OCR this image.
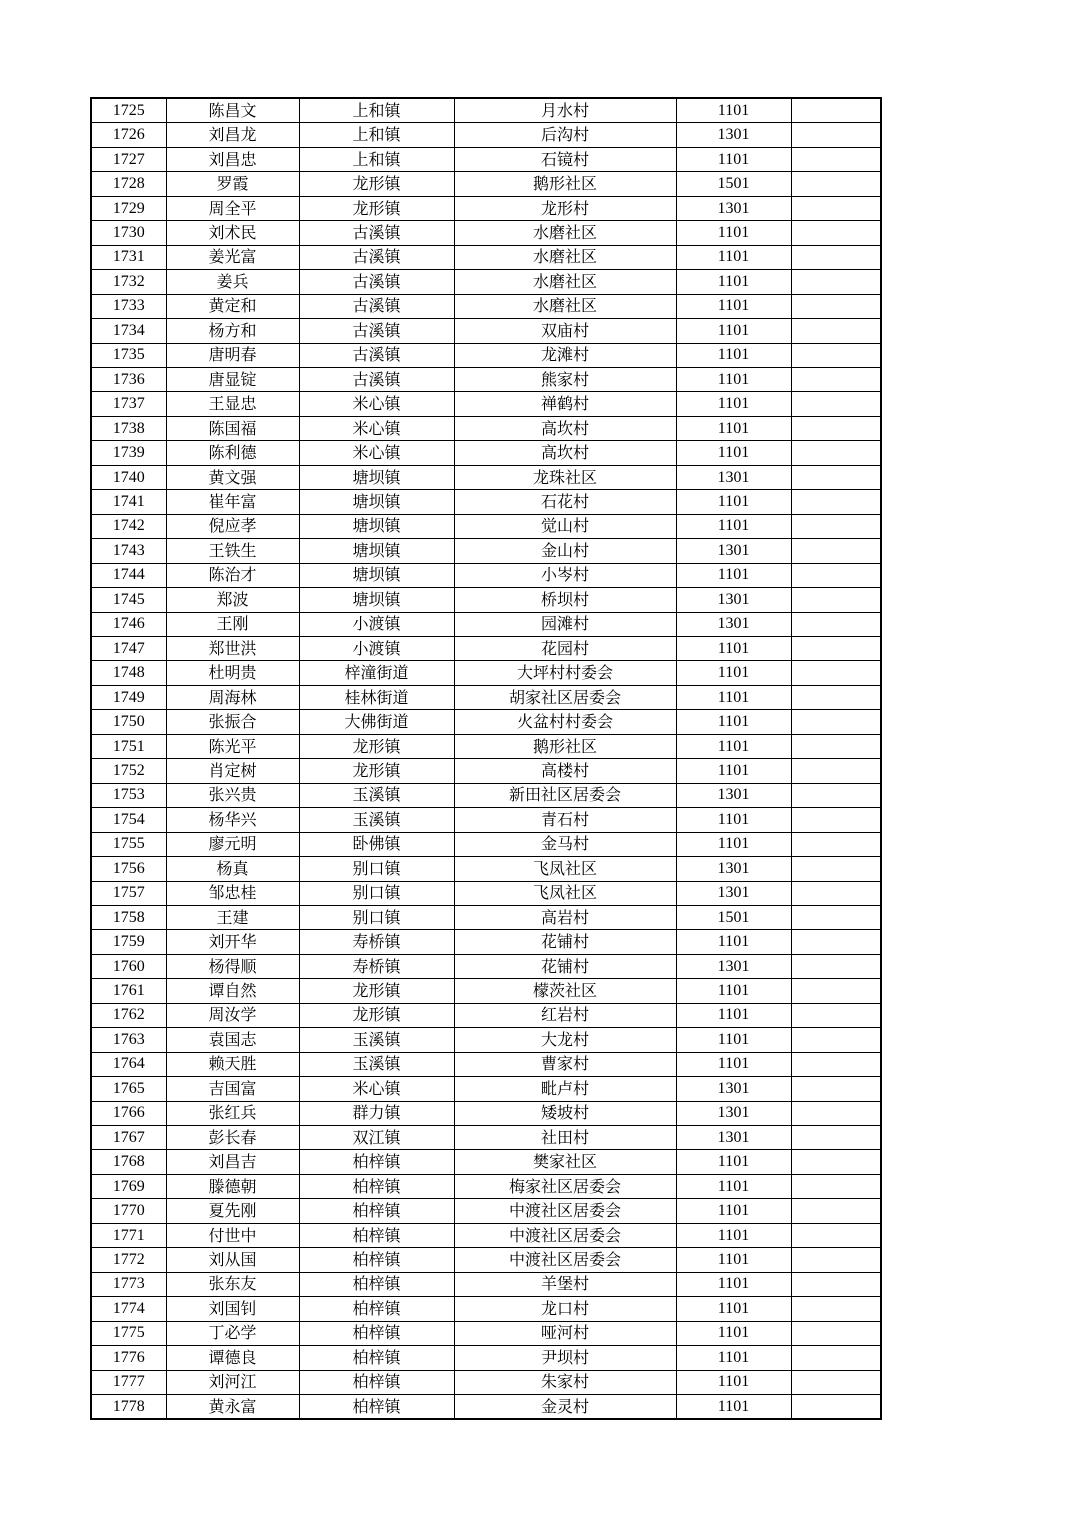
1725	陈昌文	上和镇	月水村	1101	
1726	刘昌龙	上和镇	后沟村	1301	
1727	刘昌忠	上和镇	石镜村	1101	
1728	罗霞	龙形镇	鹅形社区	1501	
1729	周全平	龙形镇	龙形村	1301	
1730	刘术民	古溪镇	水磨社区	1101	
1731	姜光富	古溪镇	水磨社区	1101	
1732	姜兵	古溪镇	水磨社区	1101	
1733	黄定和	古溪镇	水磨社区	1101	
1734	杨方和	古溪镇	双庙村	1101	
1735	唐明春	古溪镇	龙滩村	1101	
1736	唐显锭	古溪镇	熊家村	1101	
1737	王显忠	米心镇	禅鹤村	1101	
1738	陈国福	米心镇	高坎村	1101	
1739	陈利德	米心镇	高坎村	1101	
1740	黄文强	塘坝镇	龙珠社区	1301	
1741	崔年富	塘坝镇	石花村	1101	
1742	倪应孝	塘坝镇	觉山村	1101	
1743	王铁生	塘坝镇	金山村	1301	
1744	陈治才	塘坝镇	小岑村	1101	
1745	郑波	塘坝镇	桥坝村	1301	
1746	王刚	小渡镇	园滩村	1301	
1747	郑世洪	小渡镇	花园村	1101	
1748	杜明贵	梓潼街道	大坪村村委会	1101	
1749	周海林	桂林街道	胡家社区居委会	1101	
1750	张振合	大佛街道	火盆村村委会	1101	
1751	陈光平	龙形镇	鹅形社区	1101	
1752	肖定树	龙形镇	高楼村	1101	
1753	张兴贵	玉溪镇	新田社区居委会	1301	
1754	杨华兴	玉溪镇	青石村	1101	
1755	廖元明	卧佛镇	金马村	1101	
1756	杨真	别口镇	飞凤社区	1301	
1757	邹忠桂	别口镇	飞凤社区	1301	
1758	王建	别口镇	高岩村	1501	
1759	刘开华	寿桥镇	花铺村	1101	
1760	杨得顺	寿桥镇	花铺村	1301	
1761	谭自然	龙形镇	檬茨社区	1101	
1762	周汝学	龙形镇	红岩村	1101	
1763	袁国志	玉溪镇	大龙村	1101	
1764	赖天胜	玉溪镇	曹家村	1101	
1765	吉国富	米心镇	毗卢村	1301	
1766	张红兵	群力镇	矮坡村	1301	
1767	彭长春	双江镇	社田村	1301	
1768	刘昌吉	柏梓镇	樊家社区	1101	
1769	滕德朝	柏梓镇	梅家社区居委会	1101	
1770	夏先刚	柏梓镇	中渡社区居委会	1101	
1771	付世中	柏梓镇	中渡社区居委会	1101	
1772	刘从国	柏梓镇	中渡社区居委会	1101	
1773	张东友	柏梓镇	羊堡村	1101	
1774	刘国钊	柏梓镇	龙口村	1101	
1775	丁必学	柏梓镇	哑河村	1101	
1776	谭德良	柏梓镇	尹坝村	1101	
1777	刘河江	柏梓镇	朱家村	1101	
1778	黄永富	柏梓镇	金灵村	1101	
